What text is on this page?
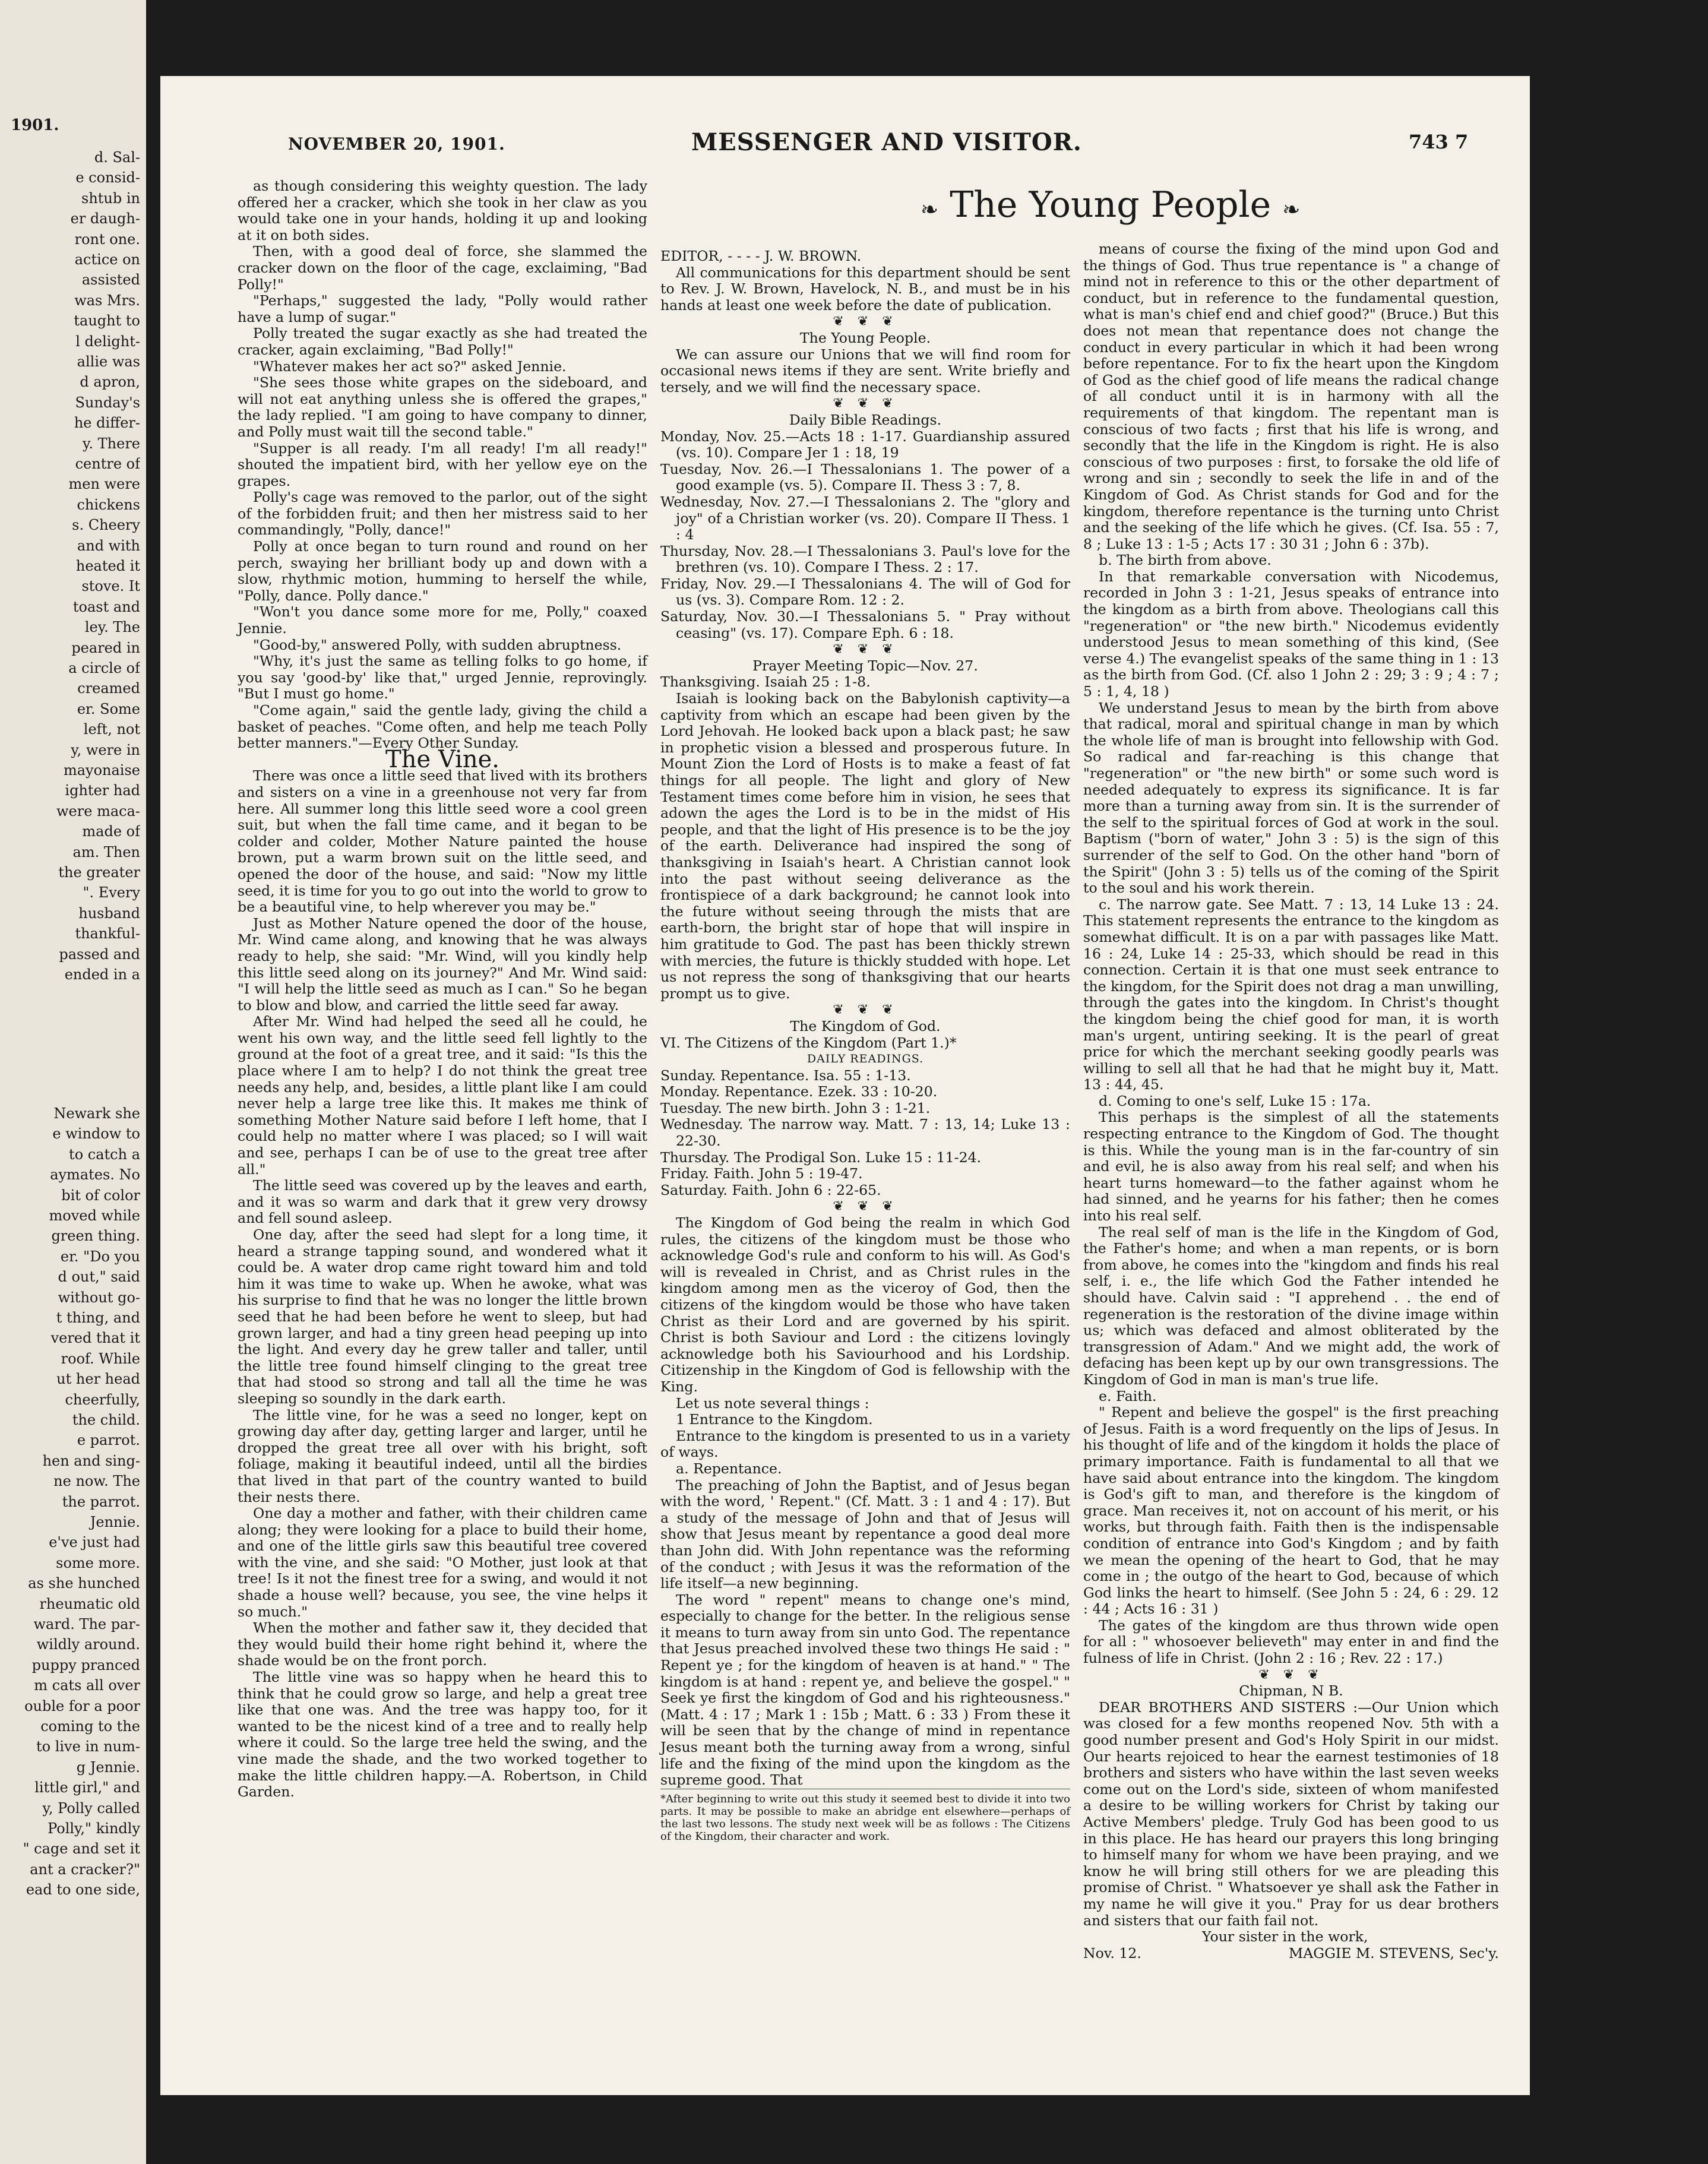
1901.
d. Sal-
e consid-
shtub in
er daugh-
ront one.
actice on
assisted
was Mrs.
taught to
l delight-
allie was
d apron,
Sunday's
he differ-
y. There
centre of
men were
chickens
s. Cheery
and with
heated it
stove. It
toast and
ley. The
peared in
a circle of
creamed
er. Some
left, not
y, were in
mayonaise
ighter had
were maca-
made of
am. Then
the greater
". Every
husband
thankful-
passed and
ended in a
Newark she
e window to
to catch a
aymates. No
bit of color
moved while
green thing.
er. "Do you
d out," said
without go-
t thing, and
vered that it
roof. While
ut her head
cheerfully,
the child.
e parrot.
hen and sing-
ne now. The
the parrot.
Jennie.
e've just had
some more.
as she hunched
rheumatic old
ward. The par-
wildly around.
puppy pranced
m cats all over
ouble for a poor
coming to the
to live in num-
g Jennie.
little girl," and
y, Polly called
Polly," kindly
" cage and set it
ant a cracker?"
ead to one side,
NOVEMBER 20, 1901.	MESSENGER AND VISITOR.	743 7
❧ The Young People ❧

as though considering this weighty question. The lady offered her a cracker, which she took in her claw as you would take one in your hands, holding it up and looking at it on both sides.

Then, with a good deal of force, she slammed the cracker down on the floor of the cage, exclaiming, "Bad Polly!"

"Perhaps," suggested the lady, "Polly would rather have a lump of sugar."

Polly treated the sugar exactly as she had treated the cracker, again exclaiming, "Bad Polly!"

"Whatever makes her act so?" asked Jennie.

"She sees those white grapes on the sideboard, and will not eat anything unless she is offered the grapes," the lady replied. "I am going to have company to dinner, and Polly must wait till the second table."

"Supper is all ready. I'm all ready! I'm all ready!" shouted the impatient bird, with her yellow eye on the grapes.

Polly's cage was removed to the parlor, out of the sight of the forbidden fruit; and then her mistress said to her commandingly, "Polly, dance!"

Polly at once began to turn round and round on her perch, swaying her brilliant body up and down with a slow, rhythmic motion, humming to herself the while, "Polly, dance. Polly dance."

"Won't you dance some more for me, Polly," coaxed Jennie.

"Good-by," answered Polly, with sudden abruptness.

"Why, it's just the same as telling folks to go home, if you say 'good-by' like that," urged Jennie, reprovingly. "But I must go home."

"Come again," said the gentle lady, giving the child a basket of peaches. "Come often, and help me teach Polly better manners."—Every Other Sunday.

The Vine.

There was once a little seed that lived with its brothers and sisters on a vine in a greenhouse not very far from here. All summer long this little seed wore a cool green suit, but when the fall time came, and it began to be colder and colder, Mother Nature painted the house brown, put a warm brown suit on the little seed, and opened the door of the house, and said: "Now my little seed, it is time for you to go out into the world to grow to be a beautiful vine, to help wherever you may be."

Just as Mother Nature opened the door of the house, Mr. Wind came along, and knowing that he was always ready to help, she said: "Mr. Wind, will you kindly help this little seed along on its journey?" And Mr. Wind said: "I will help the little seed as much as I can." So he began to blow and blow, and carried the little seed far away.

After Mr. Wind had helped the seed all he could, he went his own way, and the little seed fell lightly to the ground at the foot of a great tree, and it said: "Is this the place where I am to help? I do not think the great tree needs any help, and, besides, a little plant like I am could never help a large tree like this. It makes me think of something Mother Nature said before I left home, that I could help no matter where I was placed; so I will wait and see, perhaps I can be of use to the great tree after all."

The little seed was covered up by the leaves and earth, and it was so warm and dark that it grew very drowsy and fell sound asleep.

One day, after the seed had slept for a long time, it heard a strange tapping sound, and wondered what it could be. A water drop came right toward him and told him it was time to wake up. When he awoke, what was his surprise to find that he was no longer the little brown seed that he had been before he went to sleep, but had grown larger, and had a tiny green head peeping up into the light. And every day he grew taller and taller, until the little tree found himself clinging to the great tree that had stood so strong and tall all the time he was sleeping so soundly in the dark earth.

The little vine, for he was a seed no longer, kept on growing day after day, getting larger and larger, until he dropped the great tree all over with his bright, soft foliage, making it beautiful indeed, until all the birdies that lived in that part of the country wanted to build their nests there.

One day a mother and father, with their children came along; they were looking for a place to build their home, and one of the little girls saw this beautiful tree covered with the vine, and she said: "O Mother, just look at that tree! Is it not the finest tree for a swing, and would it not shade a house well? because, you see, the vine helps it so much."

When the mother and father saw it, they decided that they would build their home right behind it, where the shade would be on the front porch.

The little vine was so happy when he heard this to think that he could grow so large, and help a great tree like that one was. And the tree was happy too, for it wanted to be the nicest kind of a tree and to really help where it could. So the large tree held the swing, and the vine made the shade, and the two worked together to make the little children happy.—A. Robertson, in Child Garden.

EDITOR, - - - - J. W. BROWN.

All communications for this department should be sent to Rev. J. W. Brown, Havelock, N. B., and must be in his hands at least one week before the date of publication.

❦ ❦ ❦

The Young People.

We can assure our Unions that we will find room for occasional news items if they are sent. Write briefly and tersely, and we will find the necessary space.

❦ ❦ ❦

Daily Bible Readings.

Monday, Nov. 25.—Acts 18 : 1-17. Guardianship assured (vs. 10). Compare Jer 1 : 18, 19

Tuesday, Nov. 26.—I Thessalonians 1. The power of a good example (vs. 5). Compare II. Thess 3 : 7, 8.

Wednesday, Nov. 27.—I Thessalonians 2. The "glory and joy" of a Christian worker (vs. 20). Compare II Thess. 1 : 4

Thursday, Nov. 28.—I Thessalonians 3. Paul's love for the brethren (vs. 10). Compare I Thess. 2 : 17.

Friday, Nov. 29.—I Thessalonians 4. The will of God for us (vs. 3). Compare Rom. 12 : 2.

Saturday, Nov. 30.—I Thessalonians 5. " Pray without ceasing" (vs. 17). Compare Eph. 6 : 18.

❦ ❦ ❦

Prayer Meeting Topic—Nov. 27.

Thanksgiving. Isaiah 25 : 1-8.

Isaiah is looking back on the Babylonish captivity—a captivity from which an escape had been given by the Lord Jehovah. He looked back upon a black past; he saw in prophetic vision a blessed and prosperous future. In Mount Zion the Lord of Hosts is to make a feast of fat things for all people. The light and glory of New Testament times come before him in vision, he sees that adown the ages the Lord is to be in the midst of His people, and that the light of His presence is to be the joy of the earth. Deliverance had inspired the song of thanksgiving in Isaiah's heart. A Christian cannot look into the past without seeing deliverance as the frontispiece of a dark background; he cannot look into the future without seeing through the mists that are earth-born, the bright star of hope that will inspire in him gratitude to God. The past has been thickly strewn with mercies, the future is thickly studded with hope. Let us not repress the song of thanksgiving that our hearts prompt us to give.

❦ ❦ ❦

The Kingdom of God.

VI. The Citizens of the Kingdom (Part 1.)*

DAILY READINGS.

Sunday. Repentance. Isa. 55 : 1-13.

Monday. Repentance. Ezek. 33 : 10-20.

Tuesday. The new birth. John 3 : 1-21.

Wednesday. The narrow way. Matt. 7 : 13, 14; Luke 13 : 22-30.

Thursday. The Prodigal Son. Luke 15 : 11-24.

Friday. Faith. John 5 : 19-47.

Saturday. Faith. John 6 : 22-65.

❦ ❦ ❦

The Kingdom of God being the realm in which God rules, the citizens of the kingdom must be those who acknowledge God's rule and conform to his will. As God's will is revealed in Christ, and as Christ rules in the kingdom among men as the viceroy of God, then the citizens of the kingdom would be those who have taken Christ as their Lord and are governed by his spirit. Christ is both Saviour and Lord : the citizens lovingly acknowledge both his Saviourhood and his Lordship. Citizenship in the Kingdom of God is fellowship with the King.

Let us note several things :

1 Entrance to the Kingdom.

Entrance to the kingdom is presented to us in a variety of ways.

a. Repentance.

The preaching of John the Baptist, and of Jesus began with the word, ' Repent." (Cf. Matt. 3 : 1 and 4 : 17). But a study of the message of John and that of Jesus will show that Jesus meant by repentance a good deal more than John did. With John repentance was the reforming of the conduct ; with Jesus it was the reformation of the life itself—a new beginning.

The word " repent" means to change one's mind, especially to change for the better. In the religious sense it means to turn away from sin unto God. The repentance that Jesus preached involved these two things He said : " Repent ye ; for the kingdom of heaven is at hand." " The kingdom is at hand : repent ye, and believe the gospel." " Seek ye first the kingdom of God and his righteousness." (Matt. 4 : 17 ; Mark 1 : 15b ; Matt. 6 : 33 ) From these it will be seen that by the change of mind in repentance Jesus meant both the turning away from a wrong, sinful life and the fixing of the mind upon the kingdom as the supreme good. That

*After beginning to write out this study it seemed best to divide it into two parts. It may be possible to make an abridge ent elsewhere—perhaps of the last two lessons. The study next week will be as follows : The Citizens of the Kingdom, their character and work.

means of course the fixing of the mind upon God and the things of God. Thus true repentance is " a change of mind not in reference to this or the other department of conduct, but in reference to the fundamental question, what is man's chief end and chief good?" (Bruce.) But this does not mean that repentance does not change the conduct in every particular in which it had been wrong before repentance. For to fix the heart upon the Kingdom of God as the chief good of life means the radical change of all conduct until it is in harmony with all the requirements of that kingdom. The repentant man is conscious of two facts ; first that his life is wrong, and secondly that the life in the Kingdom is right. He is also conscious of two purposes : first, to forsake the old life of wrong and sin ; secondly to seek the life in and of the Kingdom of God. As Christ stands for God and for the kingdom, therefore repentance is the turning unto Christ and the seeking of the life which he gives. (Cf. Isa. 55 : 7, 8 ; Luke 13 : 1-5 ; Acts 17 : 30 31 ; John 6 : 37b).

b. The birth from above.

In that remarkable conversation with Nicodemus, recorded in John 3 : 1-21, Jesus speaks of entrance into the kingdom as a birth from above. Theologians call this "regeneration" or "the new birth." Nicodemus evidently understood Jesus to mean something of this kind, (See verse 4.) The evangelist speaks of the same thing in 1 : 13 as the birth from God. (Cf. also 1 John 2 : 29; 3 : 9 ; 4 : 7 ; 5 : 1, 4, 18 )

We understand Jesus to mean by the birth from above that radical, moral and spiritual change in man by which the whole life of man is brought into fellowship with God. So radical and far-reaching is this change that "regeneration" or "the new birth" or some such word is needed adequately to express its significance. It is far more than a turning away from sin. It is the surrender of the self to the spiritual forces of God at work in the soul. Baptism ("born of water," John 3 : 5) is the sign of this surrender of the self to God. On the other hand "born of the Spirit" (John 3 : 5) tells us of the coming of the Spirit to the soul and his work therein.

c. The narrow gate. See Matt. 7 : 13, 14 Luke 13 : 24. This statement represents the entrance to the kingdom as somewhat difficult. It is on a par with passages like Matt. 16 : 24, Luke 14 : 25-33, which should be read in this connection. Certain it is that one must seek entrance to the kingdom, for the Spirit does not drag a man unwilling, through the gates into the kingdom. In Christ's thought the kingdom being the chief good for man, it is worth man's urgent, untiring seeking. It is the pearl of great price for which the merchant seeking goodly pearls was willing to sell all that he had that he might buy it, Matt. 13 : 44, 45.

d. Coming to one's self, Luke 15 : 17a.

This perhaps is the simplest of all the statements respecting entrance to the Kingdom of God. The thought is this. While the young man is in the far-country of sin and evil, he is also away from his real self; and when his heart turns homeward—to the father against whom he had sinned, and he yearns for his father; then he comes into his real self.

The real self of man is the life in the Kingdom of God, the Father's home; and when a man repents, or is born from above, he comes into the "kingdom and finds his real self, i. e., the life which God the Father intended he should have. Calvin said : "I apprehend . . the end of regeneration is the restoration of the divine image within us; which was defaced and almost obliterated by the transgression of Adam." And we might add, the work of defacing has been kept up by our own transgressions. The Kingdom of God in man is man's true life.

e. Faith.

" Repent and believe the gospel" is the first preaching of Jesus. Faith is a word frequently on the lips of Jesus. In his thought of life and of the kingdom it holds the place of primary importance. Faith is fundamental to all that we have said about entrance into the kingdom. The kingdom is God's gift to man, and therefore is the kingdom of grace. Man receives it, not on account of his merit, or his works, but through faith. Faith then is the indispensable condition of entrance into God's Kingdom ; and by faith we mean the opening of the heart to God, that he may come in ; the outgo of the heart to God, because of which God links the heart to himself. (See John 5 : 24, 6 : 29. 12 : 44 ; Acts 16 : 31 )

The gates of the kingdom are thus thrown wide open for all : " whosoever believeth" may enter in and find the fulness of life in Christ. (John 2 : 16 ; Rev. 22 : 17.)

❦ ❦ ❦

Chipman, N B.

DEAR BROTHERS AND SISTERS :—Our Union which was closed for a few months reopened Nov. 5th with a good number present and God's Holy Spirit in our midst. Our hearts rejoiced to hear the earnest testimonies of 18 brothers and sisters who have within the last seven weeks come out on the Lord's side, sixteen of whom manifested a desire to be willing workers for Christ by taking our Active Members' pledge. Truly God has been good to us in this place. He has heard our prayers this long bringing to himself many for whom we have been praying, and we know he will bring still others for we are pleading this promise of Christ. " Whatsoever ye shall ask the Father in my name he will give it you." Pray for us dear brothers and sisters that our faith fail not.

Your sister in the work,

Nov. 12.	MAGGIE M. STEVENS, Sec'y.
